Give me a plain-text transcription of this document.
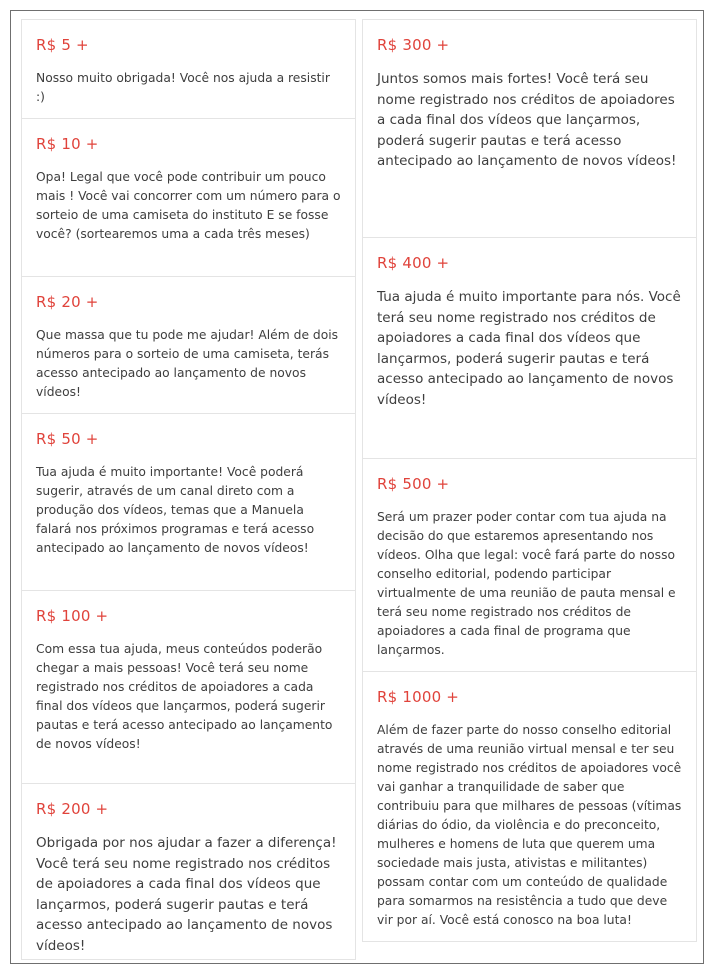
R$ 5 +
Nosso muito obrigada! Você nos ajuda a resistir :)
R$ 10 +
Opa! Legal que você pode contribuir um pouco mais ! Você vai concorrer com um número para o sorteio de uma camiseta do instituto E se fosse você? (sortearemos uma a cada três meses)
R$ 20 +
Que massa que tu pode me ajudar! Além de dois números para o sorteio de uma camiseta, terás acesso antecipado ao lançamento de novos vídeos!
R$ 50 +
Tua ajuda é muito importante! Você poderá sugerir, através de um canal direto com a produção dos vídeos, temas que a Manuela falará nos próximos programas e terá acesso antecipado ao lançamento de novos vídeos!
R$ 100 +
Com essa tua ajuda, meus conteúdos poderão chegar a mais pessoas! Você terá seu nome registrado nos créditos de apoiadores a cada final dos vídeos que lançarmos, poderá sugerir pautas e terá acesso antecipado ao lançamento de novos vídeos!
R$ 200 +
Obrigada por nos ajudar a fazer a diferença! Você terá seu nome registrado nos créditos de apoiadores a cada final dos vídeos que lançarmos, poderá sugerir pautas e terá acesso antecipado ao lançamento de novos vídeos!
R$ 300 +
Juntos somos mais fortes! Você terá seu nome registrado nos créditos de apoiadores a cada final dos vídeos que lançarmos, poderá sugerir pautas e terá acesso antecipado ao lançamento de novos vídeos!
R$ 400 +
Tua ajuda é muito importante para nós. Você terá seu nome registrado nos créditos de apoiadores a cada final dos vídeos que lançarmos, poderá sugerir pautas e terá acesso antecipado ao lançamento de novos vídeos!
R$ 500 +
Será um prazer poder contar com tua ajuda na decisão do que estaremos apresentando nos vídeos. Olha que legal: você fará parte do nosso conselho editorial, podendo participar virtualmente de uma reunião de pauta mensal e terá seu nome registrado nos créditos de apoiadores a cada final de programa que lançarmos.
R$ 1000 +
Além de fazer parte do nosso conselho editorial através de uma reunião virtual mensal e ter seu nome registrado nos créditos de apoiadores você vai ganhar a tranquilidade de saber que contribuiu para que milhares de pessoas (vítimas diárias do ódio, da violência e do preconceito, mulheres e homens de luta que querem uma sociedade mais justa, ativistas e militantes) possam contar com um conteúdo de qualidade para somarmos na resistência a tudo que deve vir por aí. Você está conosco na boa luta!
